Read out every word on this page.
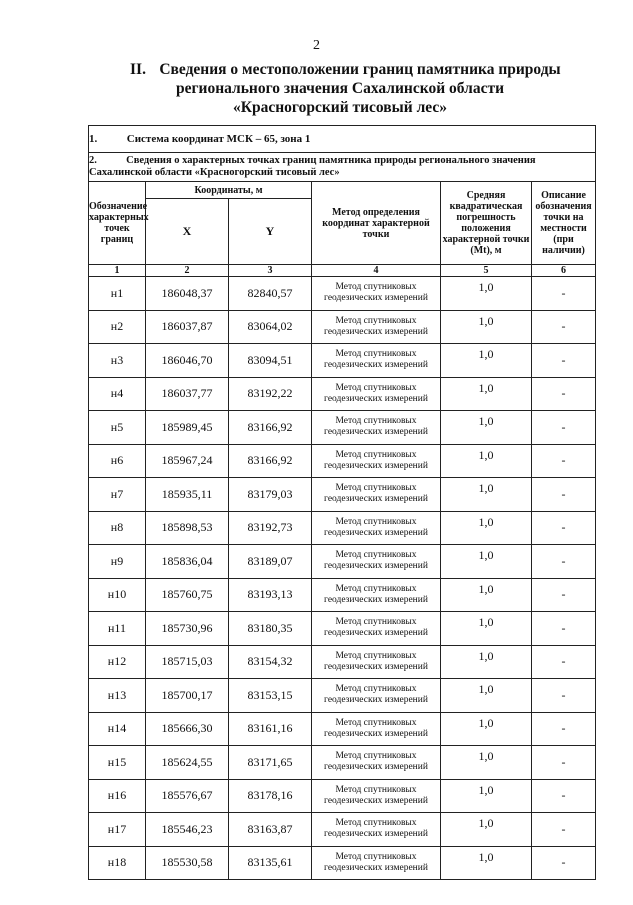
2
II. Сведения о местоположении границ памятника природы
регионального значения Сахалинской области
«Красногорский тисовый лес»
1. Система координат МСК – 65, зона 1					
2. Сведения о характерных точках границ памятника природы регионального значения Сахалинской области «Красногорский тисовый лес»					
Обозначение характерных точек границ	Координаты, м		Метод определения координат характерной точки	Средняя квадратическая погрешность положения характерной точки (Mt), м	Описание обозначения точки на местности (при наличии)
	X	Y			
1	2	3	4	5	6
н1	186048,37	82840,57	Метод спутниковых геодезических измерений	1,0	-
н2	186037,87	83064,02	Метод спутниковых геодезических измерений	1,0	-
н3	186046,70	83094,51	Метод спутниковых геодезических измерений	1,0	-
н4	186037,77	83192,22	Метод спутниковых геодезических измерений	1,0	-
н5	185989,45	83166,92	Метод спутниковых геодезических измерений	1,0	-
н6	185967,24	83166,92	Метод спутниковых геодезических измерений	1,0	-
н7	185935,11	83179,03	Метод спутниковых геодезических измерений	1,0	-
н8	185898,53	83192,73	Метод спутниковых геодезических измерений	1,0	-
н9	185836,04	83189,07	Метод спутниковых геодезических измерений	1,0	-
н10	185760,75	83193,13	Метод спутниковых геодезических измерений	1,0	-
н11	185730,96	83180,35	Метод спутниковых геодезических измерений	1,0	-
н12	185715,03	83154,32	Метод спутниковых геодезических измерений	1,0	-
н13	185700,17	83153,15	Метод спутниковых геодезических измерений	1,0	-
н14	185666,30	83161,16	Метод спутниковых геодезических измерений	1,0	-
н15	185624,55	83171,65	Метод спутниковых геодезических измерений	1,0	-
н16	185576,67	83178,16	Метод спутниковых геодезических измерений	1,0	-
н17	185546,23	83163,87	Метод спутниковых геодезических измерений	1,0	-
н18	185530,58	83135,61	Метод спутниковых геодезических измерений	1,0	-
